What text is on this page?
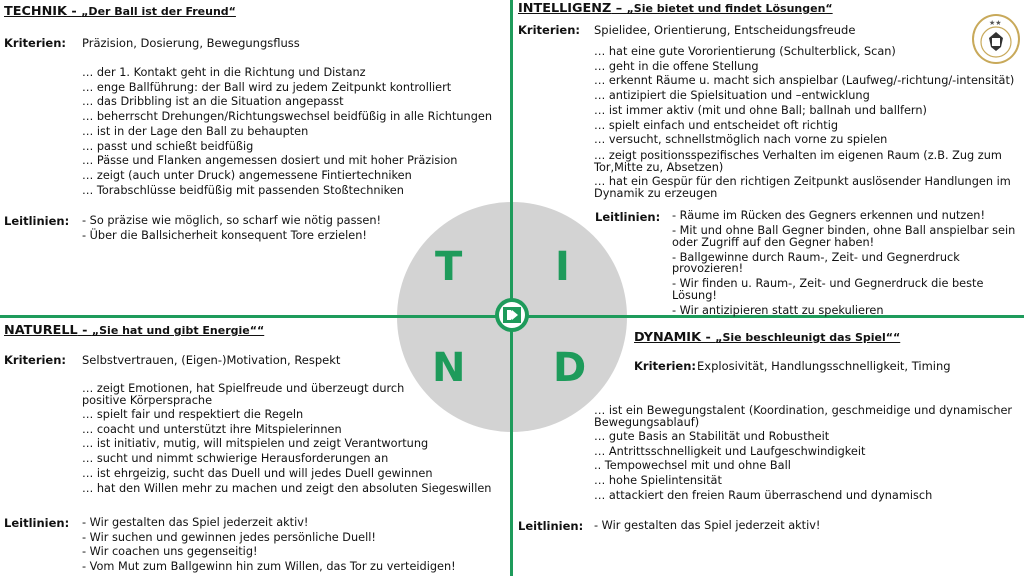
T I
N D
★★
TECHNIK - „Der Ball ist der Freund“
Kriterien: Präzision, Dosierung, Bewegungsfluss
… der 1. Kontakt geht in die Richtung und Distanz
… enge Ballführung: der Ball wird zu jedem Zeitpunkt kontrolliert
… das Dribbling ist an die Situation angepasst
… beherrscht Drehungen/Richtungswechsel beidfüßig in alle Richtungen
… ist in der Lage den Ball zu behaupten
… passt und schießt beidfüßig
… Pässe und Flanken angemessen dosiert und mit hoher Präzision
… zeigt (auch unter Druck) angemessene Fintiertechniken
… Torabschlüsse beidfüßig mit passenden Stoßtechniken
Leitlinien: - So präzise wie möglich, so scharf wie nötig passen!
- Über die Ballsicherheit konsequent Tore erzielen!
INTELLIGENZ – „Sie bietet und findet Lösungen“
Kriterien: Spielidee, Orientierung, Entscheidungsfreude
… hat eine gute Vororientierung (Schulterblick, Scan)
… geht in die offene Stellung
… erkennt Räume u. macht sich anspielbar (Laufweg/-richtung/-intensität)
… antizipiert die Spielsituation und –entwicklung
… ist immer aktiv (mit und ohne Ball; ballnah und ballfern)
… spielt einfach und entscheidet oft richtig
… versucht, schnellstmöglich nach vorne zu spielen
… zeigt positionsspezifisches Verhalten im eigenen Raum (z.B. Zug zum Tor,Mitte zu, Absetzen)
… hat ein Gespür für den richtigen Zeitpunkt auslösender Handlungen im Dynamik zu erzeugen
Leitlinien: - Räume im Rücken des Gegners erkennen und nutzen!
- Mit und ohne Ball Gegner binden, ohne Ball anspielbar sein oder Zugriff auf den Gegner haben!
- Ballgewinne durch Raum-, Zeit- und Gegnerdruck provozieren!
- Wir finden u. Raum-, Zeit- und Gegnerdruck die beste Lösung!
- Wir antizipieren statt zu spekulieren
NATURELL - „Sie hat und gibt Energie““
Kriterien: Selbstvertrauen, (Eigen-)Motivation, Respekt
… zeigt Emotionen, hat Spielfreude und überzeugt durch positive Körpersprache
… spielt fair und respektiert die Regeln
… coacht und unterstützt ihre Mitspielerinnen
… ist initiativ, mutig, will mitspielen und zeigt Verantwortung
… sucht und nimmt schwierige Herausforderungen an
… ist ehrgeizig, sucht das Duell und will jedes Duell gewinnen
… hat den Willen mehr zu machen und zeigt den absoluten Siegeswillen
Leitlinien: - Wir gestalten das Spiel jederzeit aktiv!
- Wir suchen und gewinnen jedes persönliche Duell!
- Wir coachen uns gegenseitig!
- Vom Mut zum Ballgewinn hin zum Willen, das Tor zu verteidigen!
DYNAMIK - „Sie beschleunigt das Spiel““
Kriterien: Explosivität, Handlungsschnelligkeit, Timing
… ist ein Bewegungstalent (Koordination, geschmeidige und dynamischer Bewegungsablauf)
… gute Basis an Stabilität und Robustheit
… Antrittsschnelligkeit und Laufgeschwindigkeit
.. Tempowechsel mit und ohne Ball
… hohe Spielintensität
… attackiert den freien Raum überraschend und dynamisch
Leitlinien: - Wir gestalten das Spiel jederzeit aktiv!
